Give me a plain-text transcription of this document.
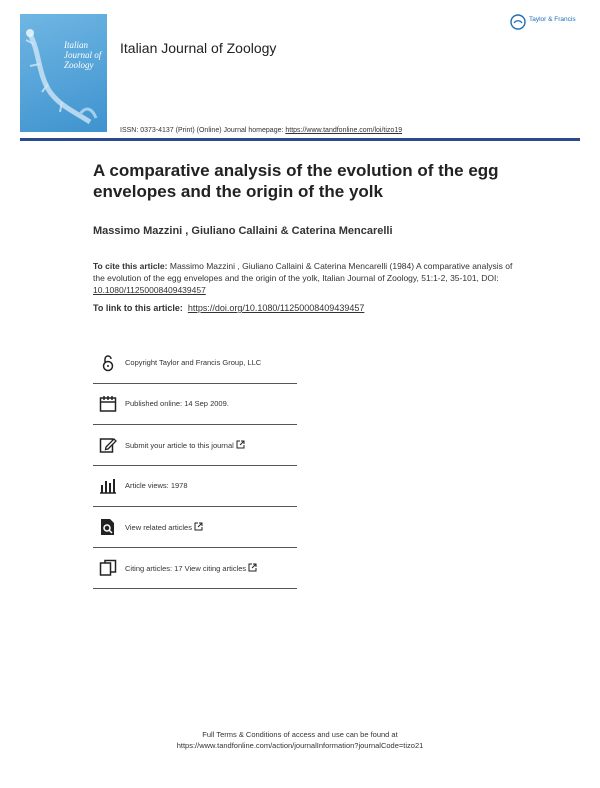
Italian
Journal of
Zoology
Italian Journal of Zoology
Taylor & Francis
ISSN: 0373-4137 (Print) (Online) Journal homepage: https://www.tandfonline.com/loi/tizo19
A comparative analysis of the evolution of the egg envelopes and the origin of the yolk
Massimo Mazzini , Giuliano Callaini & Caterina Mencarelli
To cite this article: Massimo Mazzini , Giuliano Callaini & Caterina Mencarelli (1984) A comparative analysis of the evolution of the egg envelopes and the origin of the yolk, Italian Journal of Zoology, 51:1-2, 35-101, DOI: 10.1080/11250008409439457
To link to this article: https://doi.org/10.1080/11250008409439457
Copyright Taylor and Francis Group, LLC
Published online: 14 Sep 2009.
Submit your article to this journal
Article views: 1978
View related articles
Citing articles: 17 View citing articles
Full Terms & Conditions of access and use can be found at
https://www.tandfonline.com/action/journalInformation?journalCode=tizo21
